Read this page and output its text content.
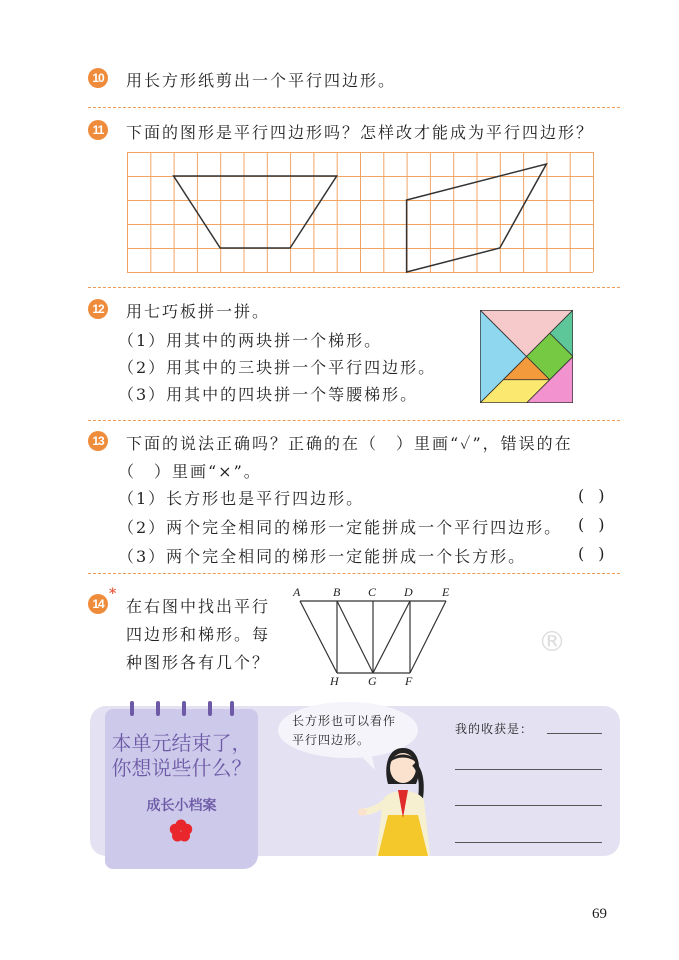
10 用长方形纸剪出一个平行四边形。
11 下面的图形是平行四边形吗？怎样改才能成为平行四边形？
12 用七巧板拼一拼。
（1）用其中的两块拼一个梯形。
（2）用其中的三块拼一个平行四边形。
（3）用其中的四块拼一个等腰梯形。
13 下面的说法正确吗？正确的在（　）里画“✓”，错误的在
（　）里画“×”。
（1）长方形也是平行四边形。
（2）两个完全相同的梯形一定能拼成一个平行四边形。
（3）两个完全相同的梯形一定能拼成一个长方形。
()
()
()
14
*
在右图中找出平行
四边形和梯形。每
种图形各有几个？
A	B C D E
H G F
®
本单元结束了，
你想说些什么？
成长小档案
长方形也可以看作
平行四边形。
我的收获是：
69
